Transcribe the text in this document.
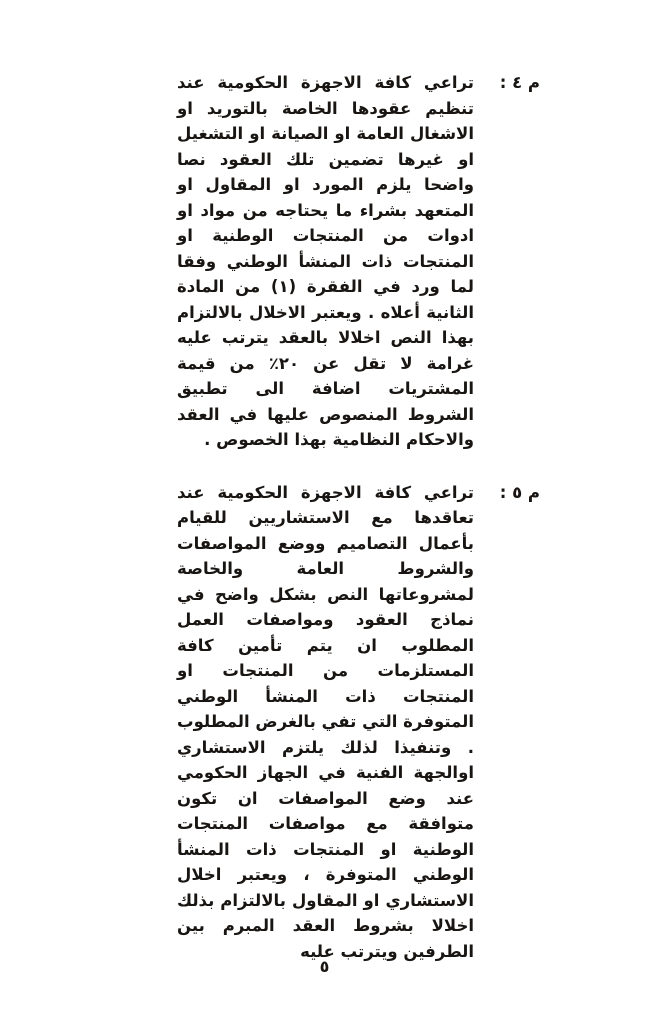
م ٤ :
تراعي كافة الاجهزة الحكومية عند تنظيم عقودها الخاصة بالتوريد او الاشغال العامة او الصيانة او التشغيل او غيرها تضمين تلك العقود نصا واضحا يلزم المورد او المقاول او المتعهد بشراء ما يحتاجه من مواد او ادوات من المنتجات الوطنية او المنتجات ذات المنشأ الوطني وفقا لما ورد في الفقرة (١) من المادة الثانية أعلاه . ويعتبر الاخلال بالالتزام بهذا النص اخلالا بالعقد يترتب عليه غرامة لا تقل عن ٢٠٪ من قيمة المشتريات اضافة الى تطبيق الشروط المنصوص عليها في العقد والاحكام النظامية بهذا الخصوص .

م ٥ :
تراعي كافة الاجهزة الحكومية عند تعاقدها مع الاستشاريين للقيام بأعمال التصاميم ووضع المواصفات والشروط العامة والخاصة لمشروعاتها النص بشكل واضح في نماذج العقود ومواصفات العمل المطلوب ان يتم تأمين كافة المستلزمات من المنتجات او المنتجات ذات المنشأ الوطني المتوفرة التي تفي بالغرض المطلوب . وتنفيذا لذلك يلتزم الاستشاري اوالجهة الفنية في الجهاز الحكومي عند وضع المواصفات ان تكون متوافقة مع مواصفات المنتجات الوطنية او المنتجات ذات المنشأ الوطني المتوفرة ، ويعتبر اخلال الاستشاري او المقاول بالالتزام بذلك اخلالا بشروط العقد المبرم بين الطرفين ويترتب عليه

٥
